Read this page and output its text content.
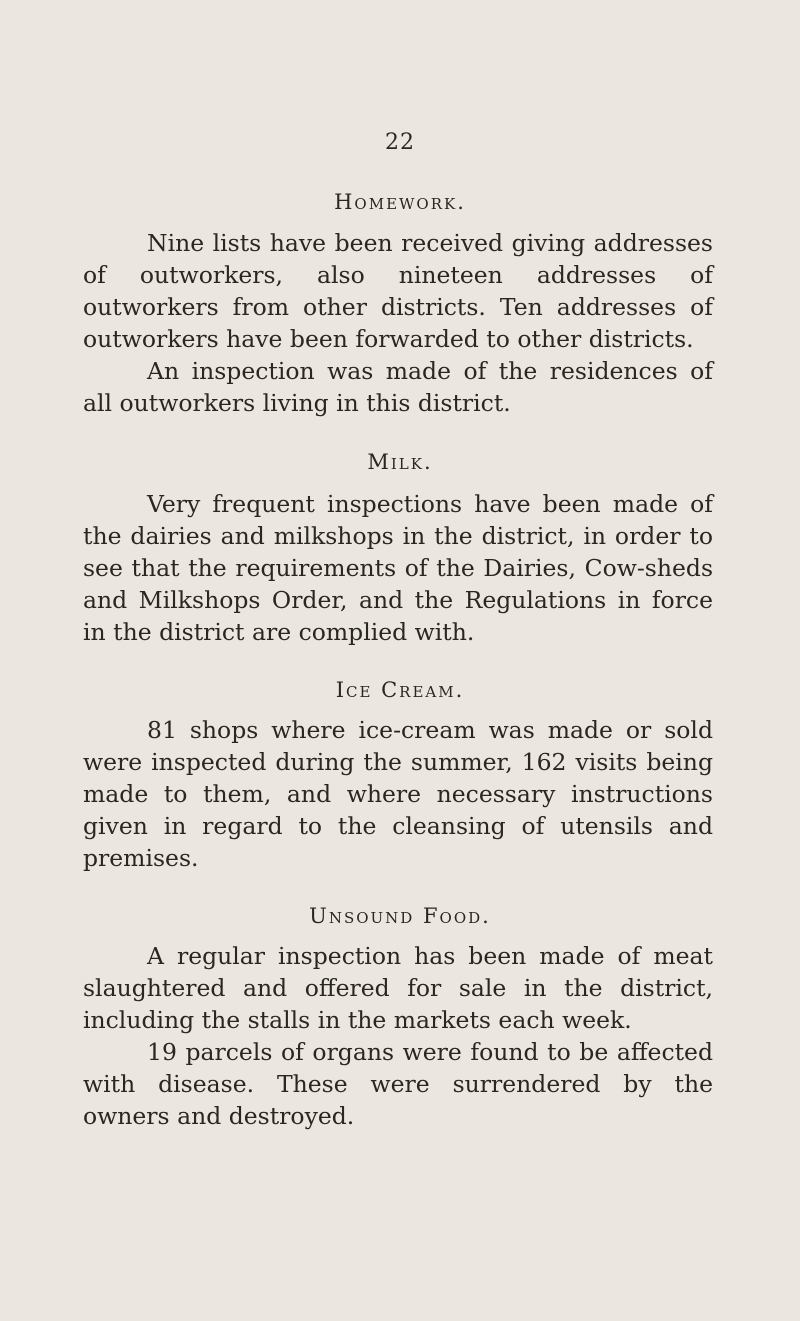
22
Homework.

Nine lists have been received giving addresses of outworkers, also nineteen addresses of outworkers from other districts. Ten addresses of outworkers have been forwarded to other districts.

An inspection was made of the residences of all outworkers living in this district.

Milk.

Very frequent inspections have been made of the dairies and milkshops in the district, in order to see that the requirements of the Dairies, Cow-sheds and Milkshops Order, and the Regulations in force in the district are complied with.

Ice Cream.

81 shops where ice-cream was made or sold were inspected during the summer, 162 visits being made to them, and where necessary instructions given in regard to the cleansing of utensils and premises.

Unsound Food.

A regular inspection has been made of meat slaughtered and offered for sale in the district, including the stalls in the markets each week.

19 parcels of organs were found to be affected with disease. These were surrendered by the owners and destroyed.
